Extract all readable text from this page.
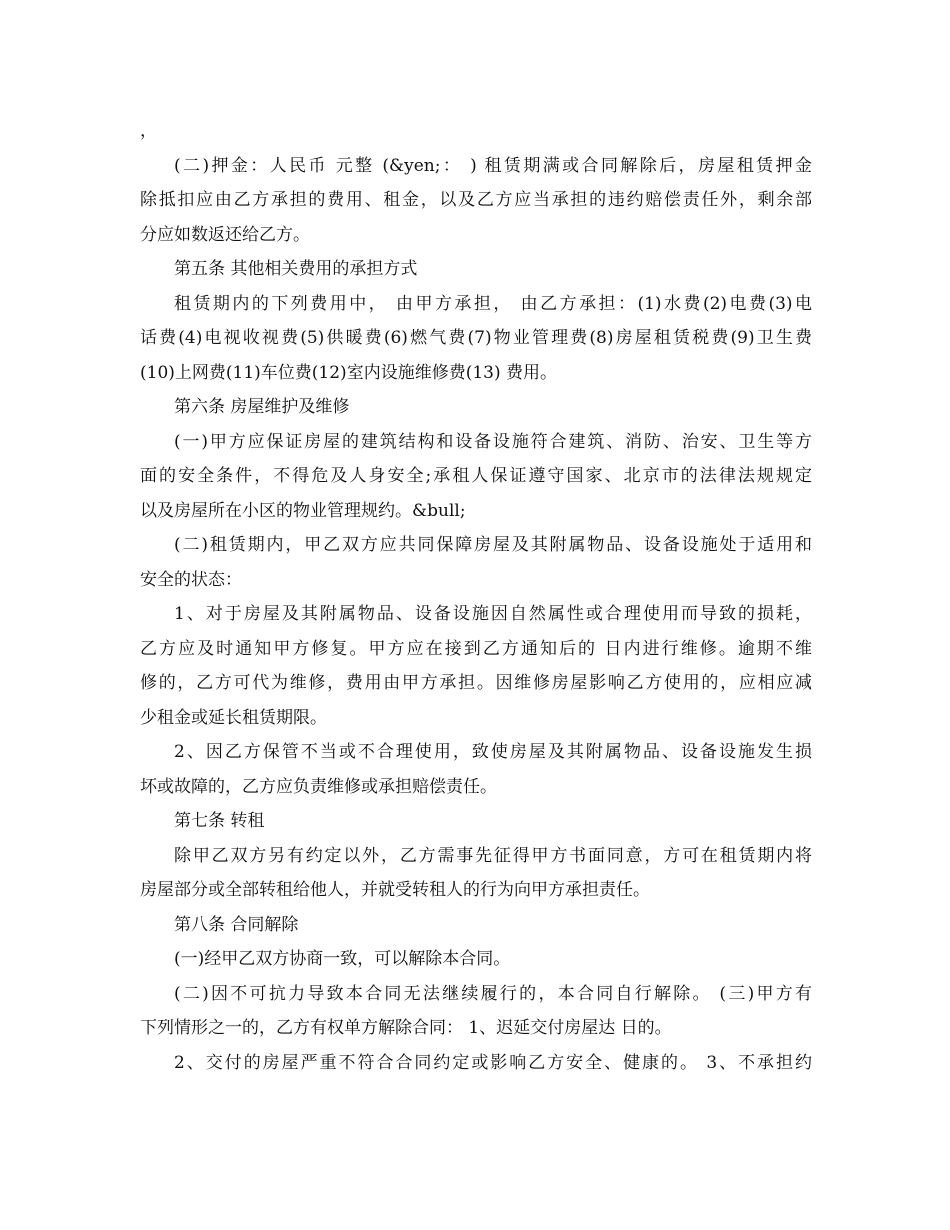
，
(二)押金：人民币 元整 (&yen;： ) 租赁期满或合同解除后，房屋租赁押金
除抵扣应由乙方承担的费用、租金，以及乙方应当承担的违约赔偿责任外，剩余部
分应如数返还给乙方。
第五条 其他相关费用的承担方式
租赁期内的下列费用中， 由甲方承担， 由乙方承担：(1)水费(2)电费(3)电
话费(4)电视收视费(5)供暖费(6)燃气费(7)物业管理费(8)房屋租赁税费(9)卫生费
(10)上网费(11)车位费(12)室内设施维修费(13) 费用。
第六条 房屋维护及维修
(一)甲方应保证房屋的建筑结构和设备设施符合建筑、消防、治安、卫生等方
面的安全条件，不得危及人身安全;承租人保证遵守国家、北京市的法律法规规定
以及房屋所在小区的物业管理规约。&bull;
(二)租赁期内，甲乙双方应共同保障房屋及其附属物品、设备设施处于适用和
安全的状态：
1、对于房屋及其附属物品、设备设施因自然属性或合理使用而导致的损耗，
乙方应及时通知甲方修复。甲方应在接到乙方通知后的 日内进行维修。逾期不维
修的，乙方可代为维修，费用由甲方承担。因维修房屋影响乙方使用的，应相应减
少租金或延长租赁期限。
2、因乙方保管不当或不合理使用，致使房屋及其附属物品、设备设施发生损
坏或故障的，乙方应负责维修或承担赔偿责任。
第七条 转租
除甲乙双方另有约定以外，乙方需事先征得甲方书面同意，方可在租赁期内将
房屋部分或全部转租给他人，并就受转租人的行为向甲方承担责任。
第八条 合同解除
(一)经甲乙双方协商一致，可以解除本合同。
(二)因不可抗力导致本合同无法继续履行的，本合同自行解除。 (三)甲方有
下列情形之一的，乙方有权单方解除合同： 1、迟延交付房屋达 日的。
2、交付的房屋严重不符合合同约定或影响乙方安全、健康的。 3、不承担约
